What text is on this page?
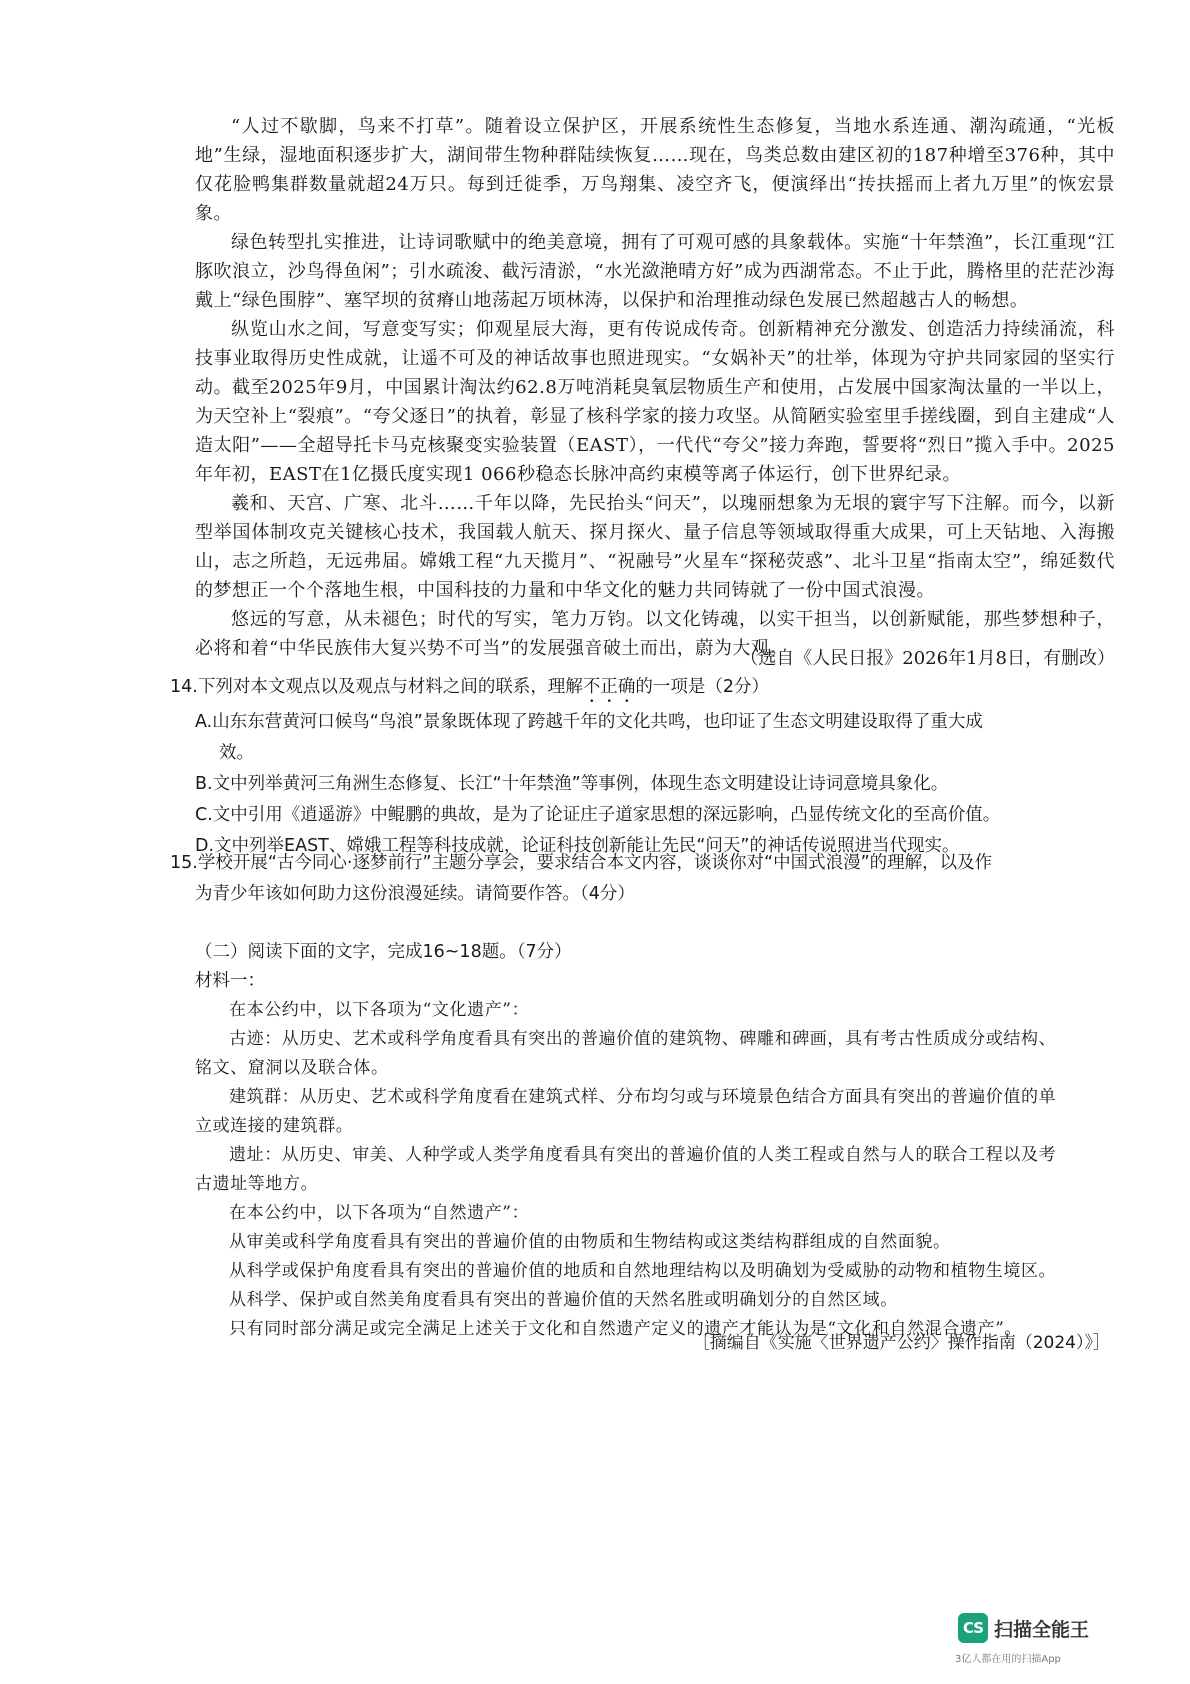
“人过不歇脚，鸟来不打草”。随着设立保护区，开展系统性生态修复，当地水系连通、潮沟疏通，“光板地”生绿，湿地面积逐步扩大，湖间带生物种群陆续恢复……现在，鸟类总数由建区初的187种增至376种，其中仅花脸鸭集群数量就超24万只。每到迁徙季，万鸟翔集、凌空齐飞，便演绎出“抟扶摇而上者九万里”的恢宏景象。

绿色转型扎实推进，让诗词歌赋中的绝美意境，拥有了可观可感的具象载体。实施“十年禁渔”，长江重现“江豚吹浪立，沙鸟得鱼闲”；引水疏浚、截污清淤，“水光潋滟晴方好”成为西湖常态。不止于此，腾格里的茫茫沙海戴上“绿色围脖”、塞罕坝的贫瘠山地荡起万顷林涛，以保护和治理推动绿色发展已然超越古人的畅想。

纵览山水之间，写意变写实；仰观星辰大海，更有传说成传奇。创新精神充分激发、创造活力持续涌流，科技事业取得历史性成就，让遥不可及的神话故事也照进现实。“女娲补天”的壮举，体现为守护共同家园的坚实行动。截至2025年9月，中国累计淘汰约62.8万吨消耗臭氧层物质生产和使用，占发展中国家淘汰量的一半以上，为天空补上“裂痕”。“夸父逐日”的执着，彰显了核科学家的接力攻坚。从简陋实验室里手搓线圈，到自主建成“人造太阳”——全超导托卡马克核聚变实验装置（EAST），一代代“夸父”接力奔跑，誓要将“烈日”揽入手中。2025年年初，EAST在1亿摄氏度实现1 066秒稳态长脉冲高约束模等离子体运行，创下世界纪录。

羲和、天宫、广寒、北斗……千年以降，先民抬头“问天”，以瑰丽想象为无垠的寰宇写下注解。而今，以新型举国体制攻克关键核心技术，我国载人航天、探月探火、量子信息等领域取得重大成果，可上天钻地、入海搬山，志之所趋，无远弗届。嫦娥工程“九天揽月”、“祝融号”火星车“探秘荧惑”、北斗卫星“指南太空”，绵延数代的梦想正一个个落地生根，中国科技的力量和中华文化的魅力共同铸就了一份中国式浪漫。

悠远的写意，从未褪色；时代的写实，笔力万钧。以文化铸魂，以实干担当，以创新赋能，那些梦想种子，必将和着“中华民族伟大复兴势不可当”的发展强音破土而出，蔚为大观。

（选自《人民日报》2026年1月8日，有删改）

14.下列对本文观点以及观点与材料之间的联系，理解不正确的一项是（2分）

A.山东东营黄河口候鸟“鸟浪”景象既体现了跨越千年的文化共鸣，也印证了生态文明建设取得了重大成

效。

B.文中列举黄河三角洲生态修复、长江“十年禁渔”等事例，体现生态文明建设让诗词意境具象化。

C.文中引用《逍遥游》中鲲鹏的典故，是为了论证庄子道家思想的深远影响，凸显传统文化的至高价值。

D.文中列举EAST、嫦娥工程等科技成就，论证科技创新能让先民“问天”的神话传说照进当代现实。

15.学校开展“古今同心·逐梦前行”主题分享会，要求结合本文内容，谈谈你对“中国式浪漫”的理解，以及作

为青少年该如何助力这份浪漫延续。请简要作答。（4分）

（二）阅读下面的文字，完成16~18题。（7分）

材料一：

在本公约中，以下各项为“文化遗产”：

古迹：从历史、艺术或科学角度看具有突出的普遍价值的建筑物、碑雕和碑画，具有考古性质成分或结构、铭文、窟洞以及联合体。

建筑群：从历史、艺术或科学角度看在建筑式样、分布均匀或与环境景色结合方面具有突出的普遍价值的单立或连接的建筑群。

遗址：从历史、审美、人种学或人类学角度看具有突出的普遍价值的人类工程或自然与人的联合工程以及考古遗址等地方。

在本公约中，以下各项为“自然遗产”：

从审美或科学角度看具有突出的普遍价值的由物质和生物结构或这类结构群组成的自然面貌。

从科学或保护角度看具有突出的普遍价值的地质和自然地理结构以及明确划为受威胁的动物和植物生境区。

从科学、保护或自然美角度看具有突出的普遍价值的天然名胜或明确划分的自然区域。

只有同时部分满足或完全满足上述关于文化和自然遗产定义的遗产才能认为是“文化和自然混合遗产”。

［摘编自《实施〈世界遗产公约〉操作指南（2024）》］
CS 扫描全能王
3亿人都在用的扫描App
